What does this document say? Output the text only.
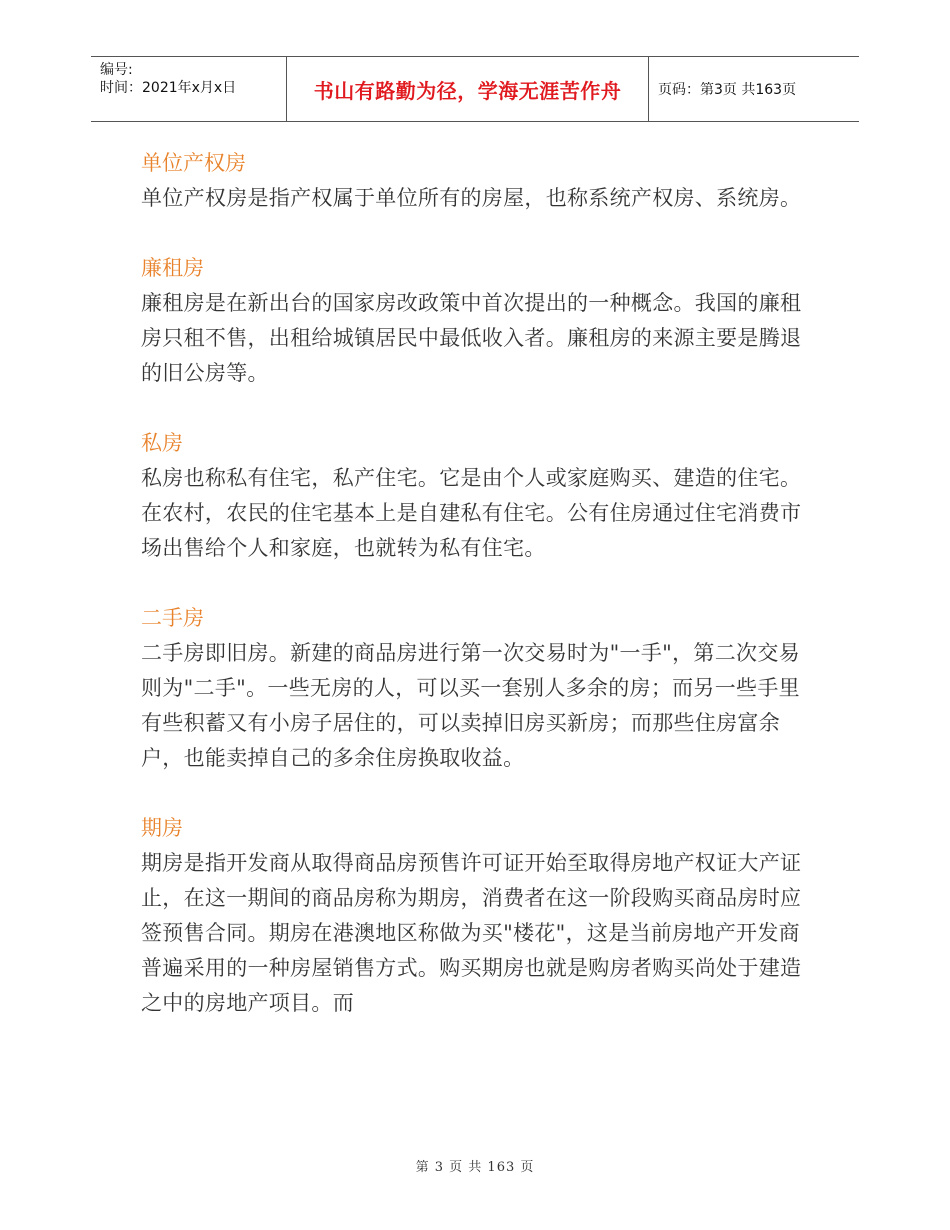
编号:
时间：2021年x月x日	书山有路勤为径，学海无涯苦作舟	页码：第3页 共163页

单位产权房

单位产权房是指产权属于单位所有的房屋，也称系统产权房、系统房。

廉租房

廉租房是在新出台的国家房改政策中首次提出的一种概念。我国的廉租房只租不售，出租给城镇居民中最低收入者。廉租房的来源主要是腾退的旧公房等。

私房

私房也称私有住宅，私产住宅。它是由个人或家庭购买、建造的住宅。在农村，农民的住宅基本上是自建私有住宅。公有住房通过住宅消费市场出售给个人和家庭，也就转为私有住宅。

二手房

二手房即旧房。新建的商品房进行第一次交易时为"一手"，第二次交易则为"二手"。一些无房的人，可以买一套别人多余的房；而另一些手里有些积蓄又有小房子居住的，可以卖掉旧房买新房；而那些住房富余户，也能卖掉自己的多余住房换取收益。

期房

期房是指开发商从取得商品房预售许可证开始至取得房地产权证大产证止，在这一期间的商品房称为期房，消费者在这一阶段购买商品房时应签预售合同。期房在港澳地区称做为买"楼花"，这是当前房地产开发商普遍采用的一种房屋销售方式。购买期房也就是购房者购买尚处于建造之中的房地产项目。而

第 3 页 共 163 页
